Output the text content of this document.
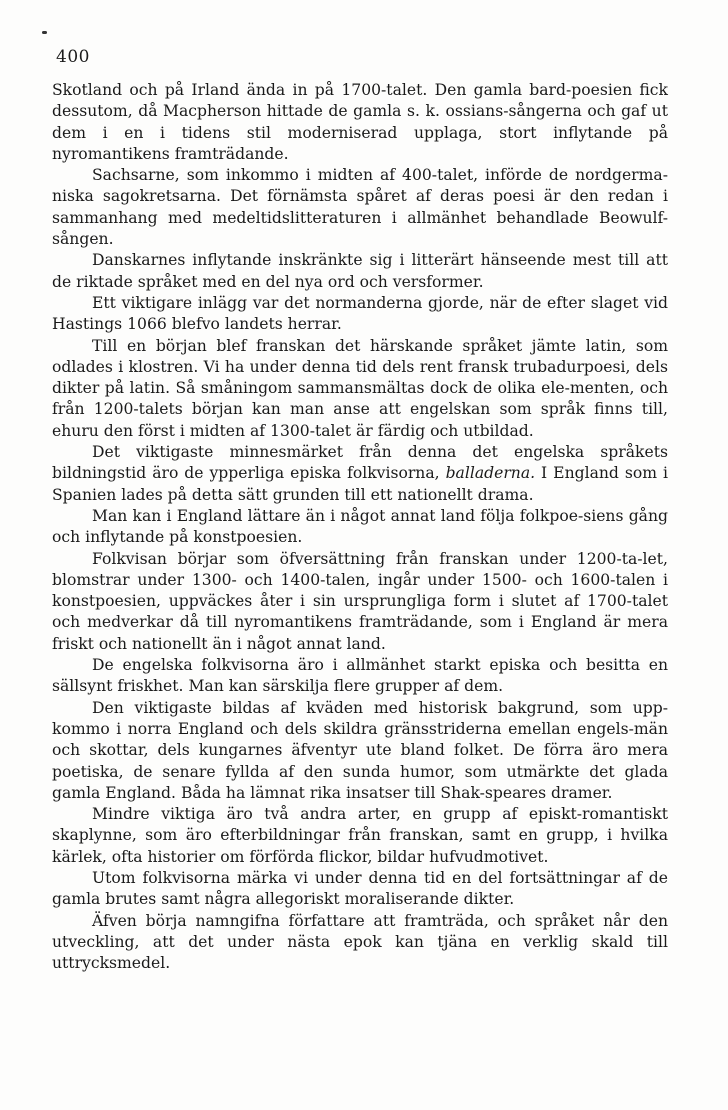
400

Skotland och på Irland ända in på 1700-talet. Den gamla bard-poesien fick dessutom, då Macpherson hittade de gamla s. k. ossians-sångerna och gaf ut dem i en i tidens stil moderniserad upplaga, stort inflytande på nyromantikens framträdande.

Sachsarne, som inkommo i midten af 400-talet, införde de nordgerma-niska sagokretsarna. Det förnämsta spåret af deras poesi är den redan i sammanhang med medeltidslitteraturen i allmänhet behandlade Beowulf-sången.

Danskarnes inflytande inskränkte sig i litterärt hänseende mest till att de riktade språket med en del nya ord och versformer.

Ett viktigare inlägg var det normanderna gjorde, när de efter slaget vid Hastings 1066 blefvo landets herrar.

Till en början blef franskan det härskande språket jämte latin, som odlades i klostren. Vi ha under denna tid dels rent fransk trubadurpoesi, dels dikter på latin. Så småningom sammansmältas dock de olika ele-menten, och från 1200-talets början kan man anse att engelskan som språk finns till, ehuru den först i midten af 1300-talet är färdig och utbildad.

Det viktigaste minnesmärket från denna det engelska språkets bildningstid äro de ypperliga episka folkvisorna, balladerna. I England som i Spanien lades på detta sätt grunden till ett nationellt drama.

Man kan i England lättare än i något annat land följa folkpoe-siens gång och inflytande på konstpoesien.

Folkvisan börjar som öfversättning från franskan under 1200-ta-let, blomstrar under 1300- och 1400-talen, ingår under 1500- och 1600-talen i konstpoesien, uppväckes åter i sin ursprungliga form i slutet af 1700-talet och medverkar då till nyromantikens framträdande, som i England är mera friskt och nationellt än i något annat land.

De engelska folkvisorna äro i allmänhet starkt episka och besitta en sällsynt friskhet. Man kan särskilja flere grupper af dem.

Den viktigaste bildas af kväden med historisk bakgrund, som upp-kommo i norra England och dels skildra gränsstriderna emellan engels-män och skottar, dels kungarnes äfventyr ute bland folket. De förra äro mera poetiska, de senare fyllda af den sunda humor, som utmärkte det glada gamla England. Båda ha lämnat rika insatser till Shak-speares dramer.

Mindre viktiga äro två andra arter, en grupp af episkt-romantiskt skaplynne, som äro efterbildningar från franskan, samt en grupp, i hvilka kärlek, ofta historier om förförda flickor, bildar hufvudmotivet.

Utom folkvisorna märka vi under denna tid en del fortsättningar af de gamla brutes samt några allegoriskt moraliserande dikter.

Äfven börja namngifna författare att framträda, och språket når den utveckling, att det under nästa epok kan tjäna en verklig skald till uttrycksmedel.
